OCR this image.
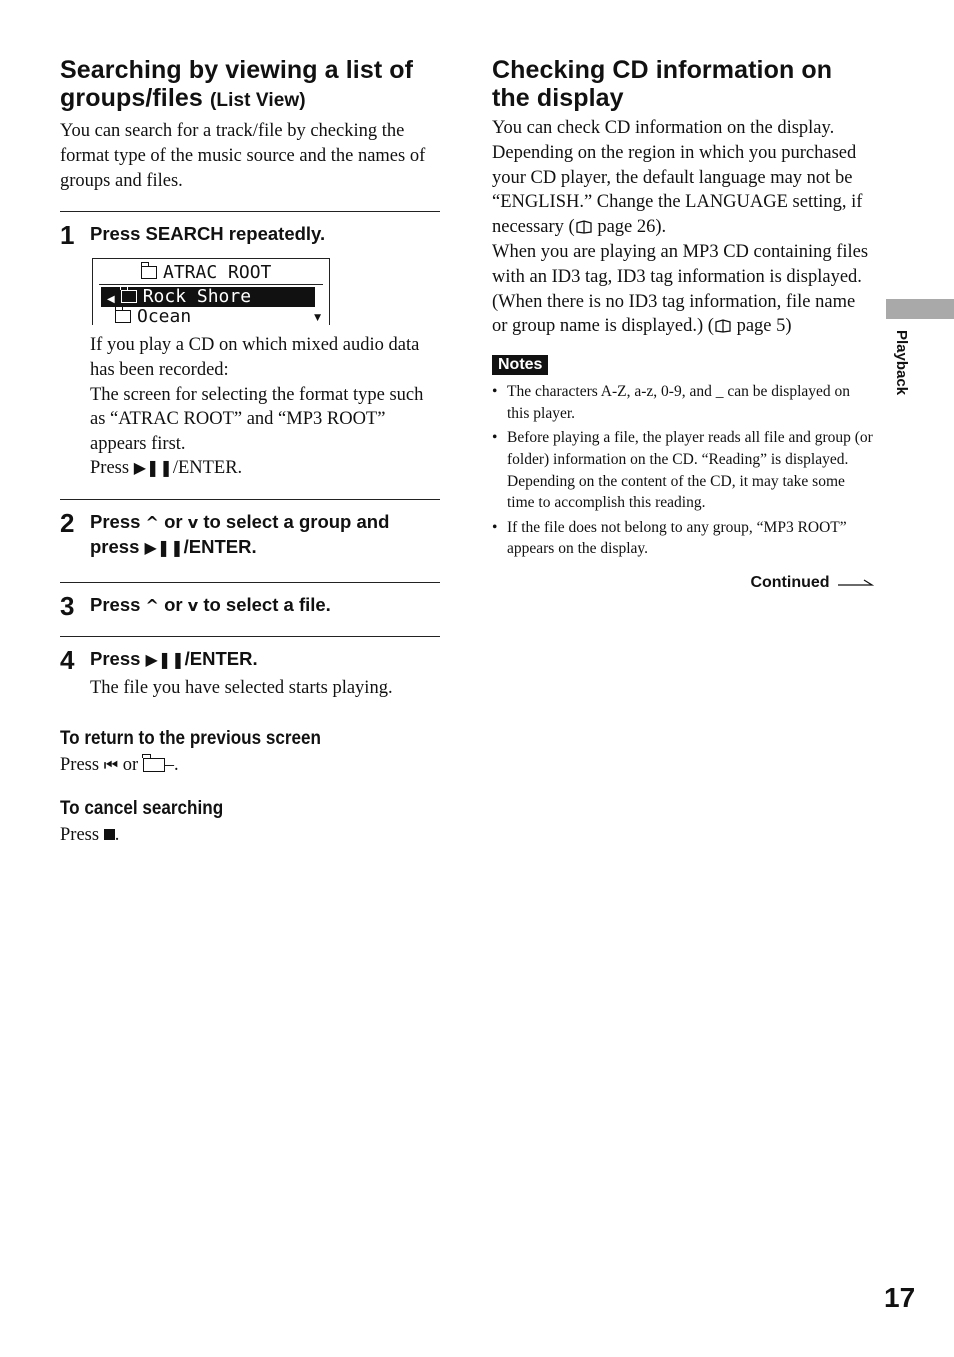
Playback
Searching by viewing a list of groups/files (List View)

You can search for a track/file by checking the format type of the music source and the names of groups and files.

1 Press SEARCH repeatedly.
ATRAC ROOT
◀ Rock Shore
Ocean	▼
If you play a CD on which mixed audio data has been recorded:
The screen for selecting the format type such as “ATRAC ROOT” and “MP3 ROOT” appears first.
Press ▶❚❚/ENTER.
2 Press ^ or v to select a group and press ▶❚❚/ENTER.
3 Press ^ or v to select a file.
4 Press ▶❚❚/ENTER.
The file you have selected starts playing.
To return to the previous screen

Press ⏮ or –.

To cancel searching

Press .

Checking CD information on the display

You can check CD information on the display. Depending on the region in which you purchased your CD player, the default language may not be “ENGLISH.” Change the LANGUAGE setting, if necessary ( page 26).

When you are playing an MP3 CD containing files with an ID3 tag, ID3 tag information is displayed. (When there is no ID3 tag information, file name or group name is displayed.) ( page 5)

Notes
• The characters A-Z, a-z, 0-9, and _ can be displayed on this player.
• Before playing a file, the player reads all file and group (or folder) information on the CD. “Reading” is displayed. Depending on the content of the CD, it may take some time to accomplish this reading.
• If the file does not belong to any group, “MP3 ROOT” appears on the display.
Continued
17
